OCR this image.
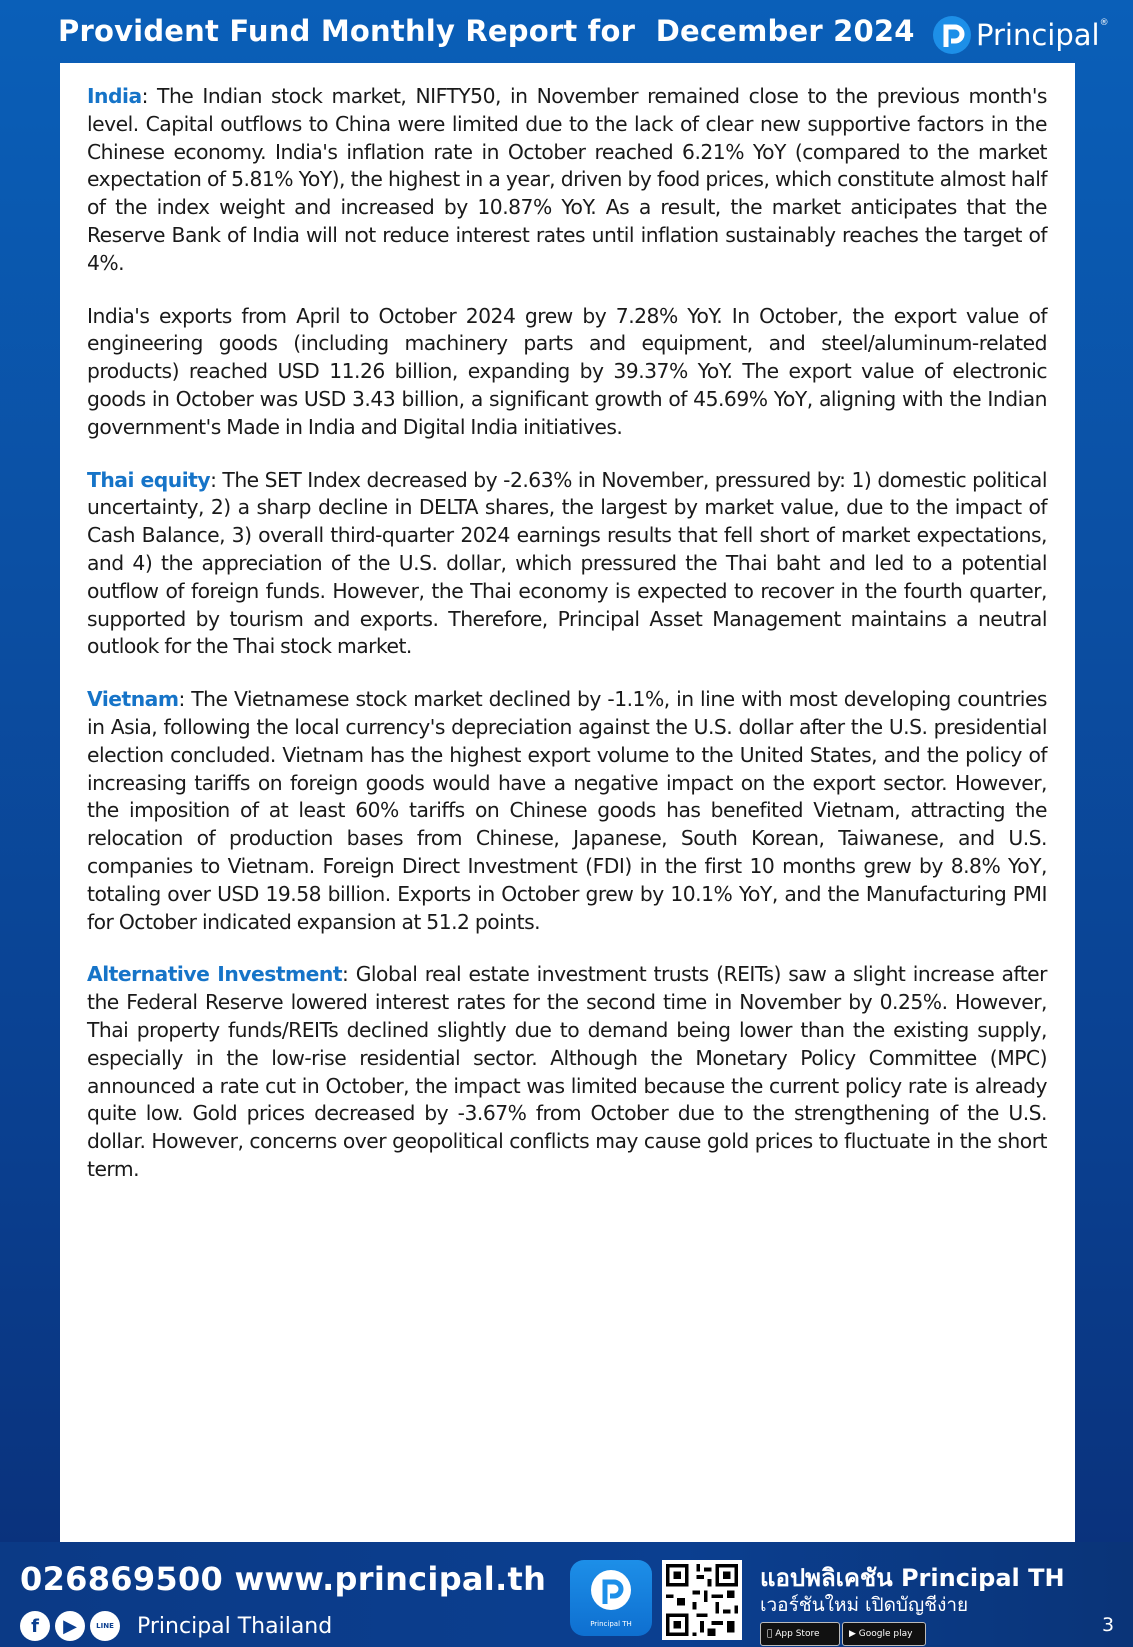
Provident Fund Monthly Report for  December 2024 Principal ®

India: The Indian stock market, NIFTY50, in November remained close to the previous month's level. Capital outflows to China were limited due to the lack of clear new supportive factors in the Chinese economy. India's inflation rate in October reached 6.21% YoY (compared to the market expectation of 5.81% YoY), the highest in a year, driven by food prices, which constitute almost half of the index weight and increased by 10.87% YoY. As a result, the market anticipates that the Reserve Bank of India will not reduce interest rates until inflation sustainably reaches the target of 4%.

India's exports from April to October 2024 grew by 7.28% YoY. In October, the export value of engineering goods (including machinery parts and equipment, and steel/aluminum-related products) reached USD 11.26 billion, expanding by 39.37% YoY. The export value of electronic goods in October was USD 3.43 billion, a significant growth of 45.69% YoY, aligning with the Indian government's Made in India and Digital India initiatives.

Thai equity: The SET Index decreased by -2.63% in November, pressured by: 1) domestic political uncertainty, 2) a sharp decline in DELTA shares, the largest by market value, due to the impact of Cash Balance, 3) overall third-quarter 2024 earnings results that fell short of market expectations, and 4) the appreciation of the U.S. dollar, which pressured the Thai baht and led to a potential outflow of foreign funds. However, the Thai economy is expected to recover in the fourth quarter, supported by tourism and exports. Therefore, Principal Asset Management maintains a neutral outlook for the Thai stock market.

Vietnam: The Vietnamese stock market declined by -1.1%, in line with most developing countries in Asia, following the local currency's depreciation against the U.S. dollar after the U.S. presidential election concluded. Vietnam has the highest export volume to the United States, and the policy of increasing tariffs on foreign goods would have a negative impact on the export sector. However, the imposition of at least 60% tariffs on Chinese goods has benefited Vietnam, attracting the relocation of production bases from Chinese, Japanese, South Korean, Taiwanese, and U.S. companies to Vietnam. Foreign Direct Investment (FDI) in the first 10 months grew by 8.8% YoY, totaling over USD 19.58 billion. Exports in October grew by 10.1% YoY, and the Manufacturing PMI for October indicated expansion at 51.2 points.

Alternative Investment: Global real estate investment trusts (REITs) saw a slight increase after the Federal Reserve lowered interest rates for the second time in November by 0.25%. However, Thai property funds/REITs declined slightly due to demand being lower than the existing supply, especially in the low-rise residential sector. Although the Monetary Policy Committee (MPC) announced a rate cut in October, the impact was limited because the current policy rate is already quite low. Gold prices decreased by -3.67% from October due to the strengthening of the U.S. dollar. However, concerns over geopolitical conflicts may cause gold prices to fluctuate in the short term.

026869500 www.principal.th
f	▶	LINE Principal Thailand	Principal TH
แอปพลิเคชัน Principal TH
เวอร์ชันใหม่ เปิดบัญชีง่าย
App Store	▶ Google play	3
